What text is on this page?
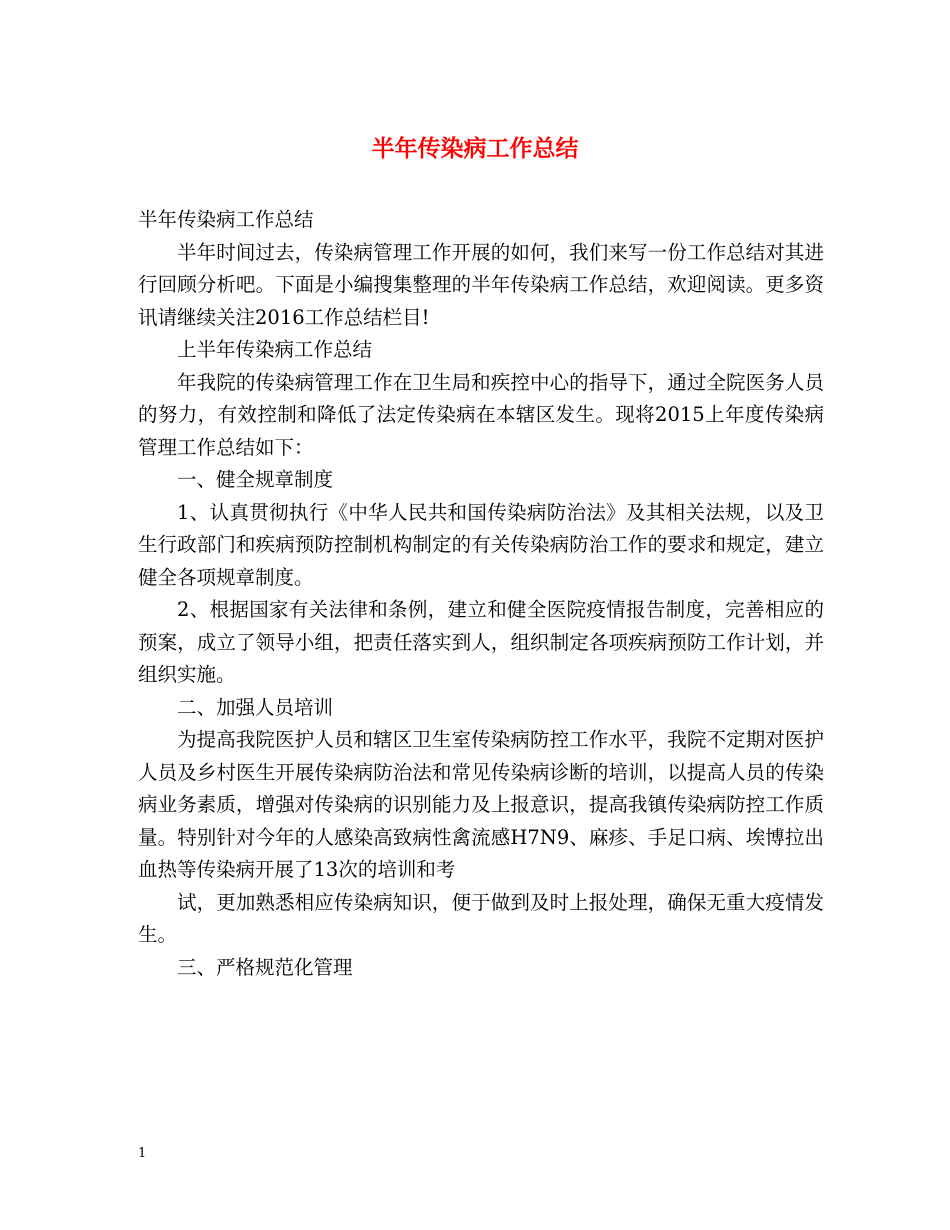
半年传染病工作总结

半年传染病工作总结

半年时间过去，传染病管理工作开展的如何，我们来写一份工作总结对其进行回顾分析吧。下面是小编搜集整理的半年传染病工作总结，欢迎阅读。更多资讯请继续关注2016工作总结栏目!

上半年传染病工作总结

年我院的传染病管理工作在卫生局和疾控中心的指导下，通过全院医务人员的努力，有效控制和降低了法定传染病在本辖区发生。现将2015上年度传染病管理工作总结如下：

一、健全规章制度

1、认真贯彻执行《中华人民共和国传染病防治法》及其相关法规，以及卫生行政部门和疾病预防控制机构制定的有关传染病防治工作的要求和规定，建立健全各项规章制度。

2、根据国家有关法律和条例，建立和健全医院疫情报告制度，完善相应的预案，成立了领导小组，把责任落实到人，组织制定各项疾病预防工作计划，并组织实施。

二、加强人员培训

为提高我院医护人员和辖区卫生室传染病防控工作水平，我院不定期对医护人员及乡村医生开展传染病防治法和常见传染病诊断的培训，以提高人员的传染病业务素质，增强对传染病的识别能力及上报意识，提高我镇传染病防控工作质量。特别针对今年的人感染高致病性禽流感H7N9、麻疹、手足口病、埃博拉出血热等传染病开展了13次的培训和考

试，更加熟悉相应传染病知识，便于做到及时上报处理，确保无重大疫情发生。

三、严格规范化管理

1
